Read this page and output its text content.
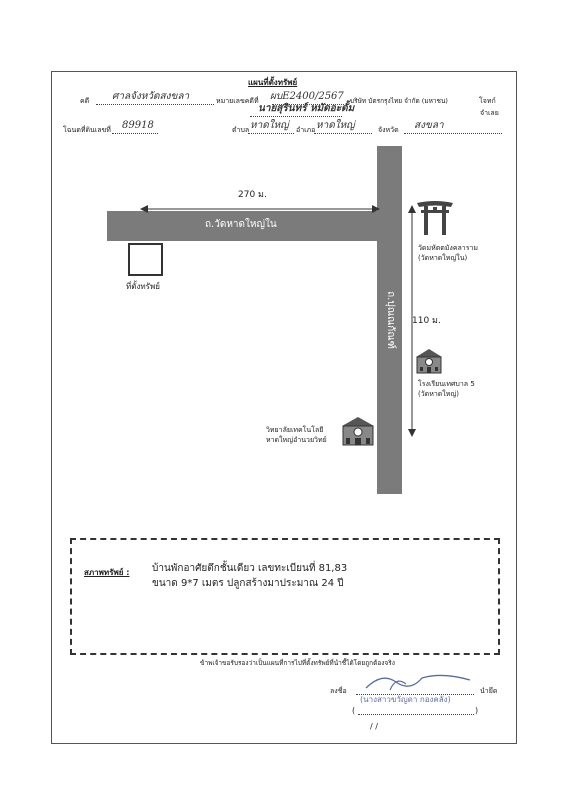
แผนที่ตั้งทรัพย์
คดี ศาลจังหวัดสงขลา	หมายเลขคดีที่ ผบE2400/2567 บริษัท บัตรกรุงไทย จำกัด (มหาชน)	โจทก์
นายสุรินทร์ หมัดอะดั้ม	จำเลย
โฉนดที่ดินเลขที่ 89918	ตำบล หาดใหญ่ อำเภอ หาดใหญ่	จังหวัด สงขลา
ถ.วัดหาดใหญ่ใน
ถ.ปุณณกัณฑ์
270 ม.
110 ม.
ที่ตั้งทรัพย์
วัดมหัตตมังคลาราม
(วัดหาดใหญ่ใน)
โรงเรียนเทศบาล 5
(วัดหาดใหญ่)
วิทยาลัยเทคโนโลยี
หาดใหญ่อำนวยวิทย์
สภาพทรัพย์ : บ้านพักอาศัยตึกชั้นเดียว เลขทะเบียนที่ 81,83
ขนาด 9*7 เมตร ปลูกสร้างมาประมาณ 24 ปี
ข้าพเจ้าขอรับรองว่าเป็นแผนที่การไปที่ตั้งทรัพย์ที่นำชี้ได้โดยถูกต้องจริง
ลงชื่อ	นำยึด
(นางสาวขวัญดา กองคลัง)
(	)
/ /
